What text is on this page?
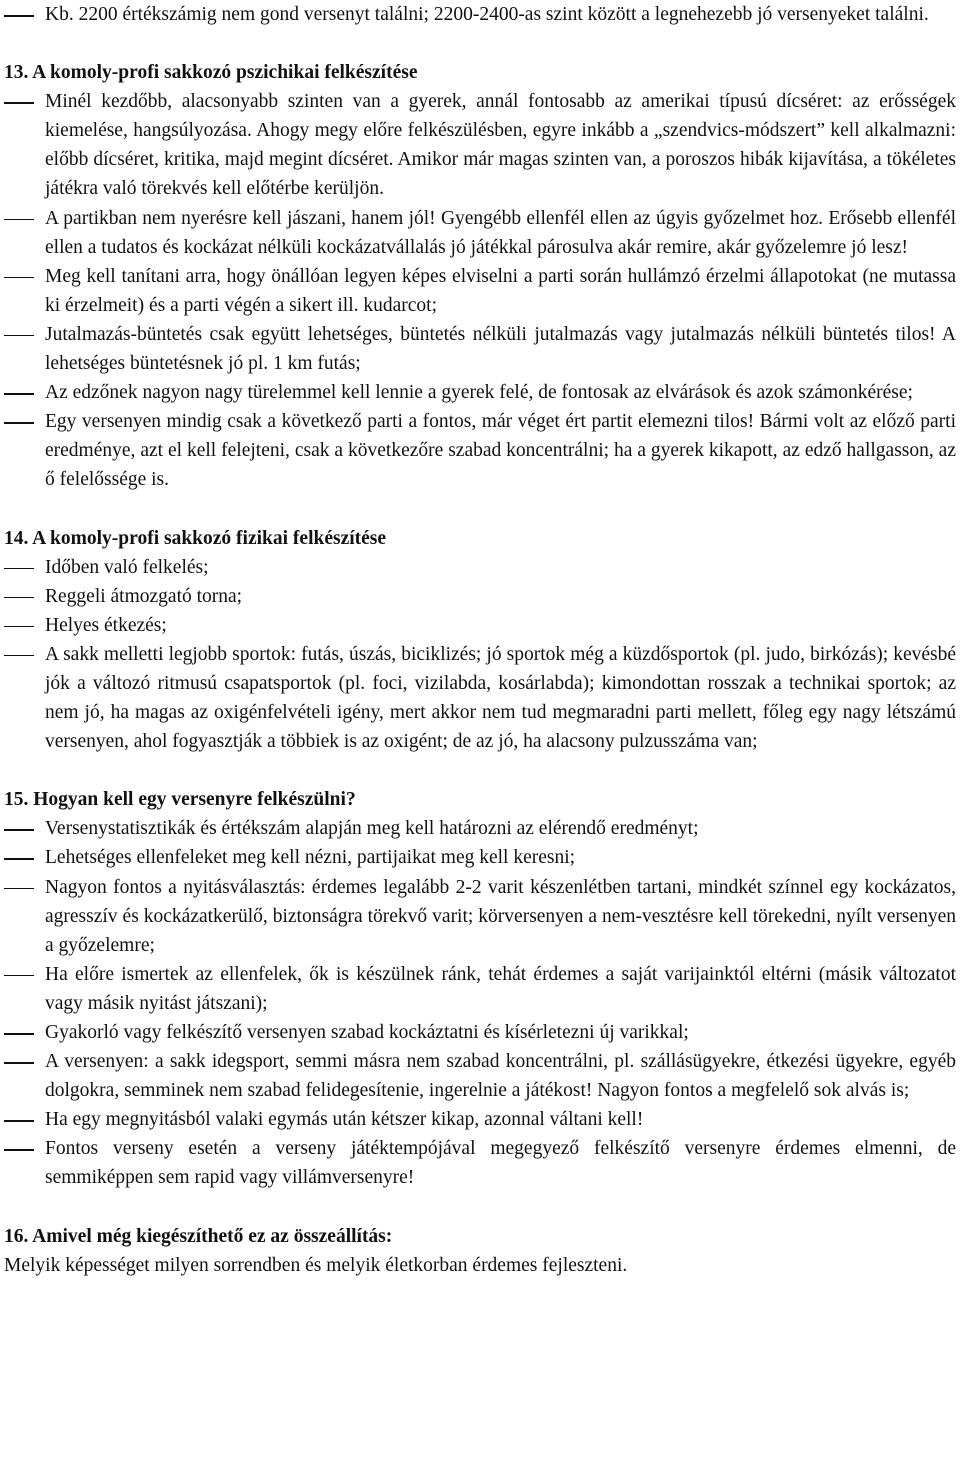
Kb. 2200 értékszámig nem gond versenyt találni; 2200-2400-as szint között a legnehezebb jó versenyeket találni.
13. A komoly-profi sakkozó pszichikai felkészítése
Minél kezdőbb, alacsonyabb szinten van a gyerek, annál fontosabb az amerikai típusú dícséret: az erősségek kiemelése, hangsúlyozása. Ahogy megy előre felkészülésben, egyre inkább a „szendvics-módszert” kell alkalmazni: előbb dícséret, kritika, majd megint dícséret. Amikor már magas szinten van, a poroszos hibák kijavítása, a tökéletes játékra való törekvés kell előtérbe kerüljön.
A partikban nem nyerésre kell jászani, hanem jól! Gyengébb ellenfél ellen az úgyis győzelmet hoz. Erősebb ellenfél ellen a tudatos és kockázat nélküli kockázatvállalás jó játékkal párosulva akár remire, akár győzelemre jó lesz!
Meg kell tanítani arra, hogy önállóan legyen képes elviselni a parti során hullámzó érzelmi állapotokat (ne mutassa ki érzelmeit) és a parti végén a sikert ill. kudarcot;
Jutalmazás-büntetés csak együtt lehetséges, büntetés nélküli jutalmazás vagy jutalmazás nélküli büntetés tilos! A lehetséges büntetésnek jó pl. 1 km futás;
Az edzőnek nagyon nagy türelemmel kell lennie a gyerek felé, de fontosak az elvárások és azok számonkérése;
Egy versenyen mindig csak a következő parti a fontos, már véget ért partit elemezni tilos! Bármi volt az előző parti eredménye, azt el kell felejteni, csak a következőre szabad koncentrálni; ha a gyerek kikapott, az edző hallgasson, az ő felelőssége is.
14. A komoly-profi sakkozó fizikai felkészítése
Időben való felkelés;
Reggeli átmozgató torna;
Helyes étkezés;
A sakk melletti legjobb sportok: futás, úszás, biciklizés; jó sportok még a küzdősportok (pl. judo, birkózás); kevésbé jók a változó ritmusú csapatsportok (pl. foci, vizilabda, kosárlabda); kimondottan rosszak a technikai sportok; az nem jó, ha magas az oxigénfelvételi igény, mert akkor nem tud megmaradni parti mellett, főleg egy nagy létszámú versenyen, ahol fogyasztják a többiek is az oxigént; de az jó, ha alacsony pulzusszáma van;
15. Hogyan kell egy versenyre felkészülni?
Versenystatisztikák és értékszám alapján meg kell határozni az elérendő eredményt;
Lehetséges ellenfeleket meg kell nézni, partijaikat meg kell keresni;
Nagyon fontos a nyitásválasztás: érdemes legalább 2-2 varit készenlétben tartani, mindkét színnel egy kockázatos, agresszív és kockázatkerülő, biztonságra törekvő varit; körversenyen a nem-vesztésre kell törekedni, nyílt versenyen a győzelemre;
Ha előre ismertek az ellenfelek, ők is készülnek ránk, tehát érdemes a saját varijainktól eltérni (másik változatot vagy másik nyitást játszani);
Gyakorló vagy felkészítő versenyen szabad kockáztatni és kísérletezni új varikkal;
A versenyen: a sakk idegsport, semmi másra nem szabad koncentrálni, pl. szállásügyekre, étkezési ügyekre, egyéb dolgokra, semminek nem szabad felidegesítenie, ingerelnie a játékost! Nagyon fontos a megfelelő sok alvás is;
Ha egy megnyitásból valaki egymás után kétszer kikap, azonnal váltani kell!
Fontos verseny esetén a verseny játéktempójával megegyező felkészítő versenyre érdemes elmenni, de semmiképpen sem rapid vagy villámversenyre!
16. Amivel még kiegészíthető ez az összeállítás:
Melyik képességet milyen sorrendben és melyik életkorban érdemes fejleszteni.
